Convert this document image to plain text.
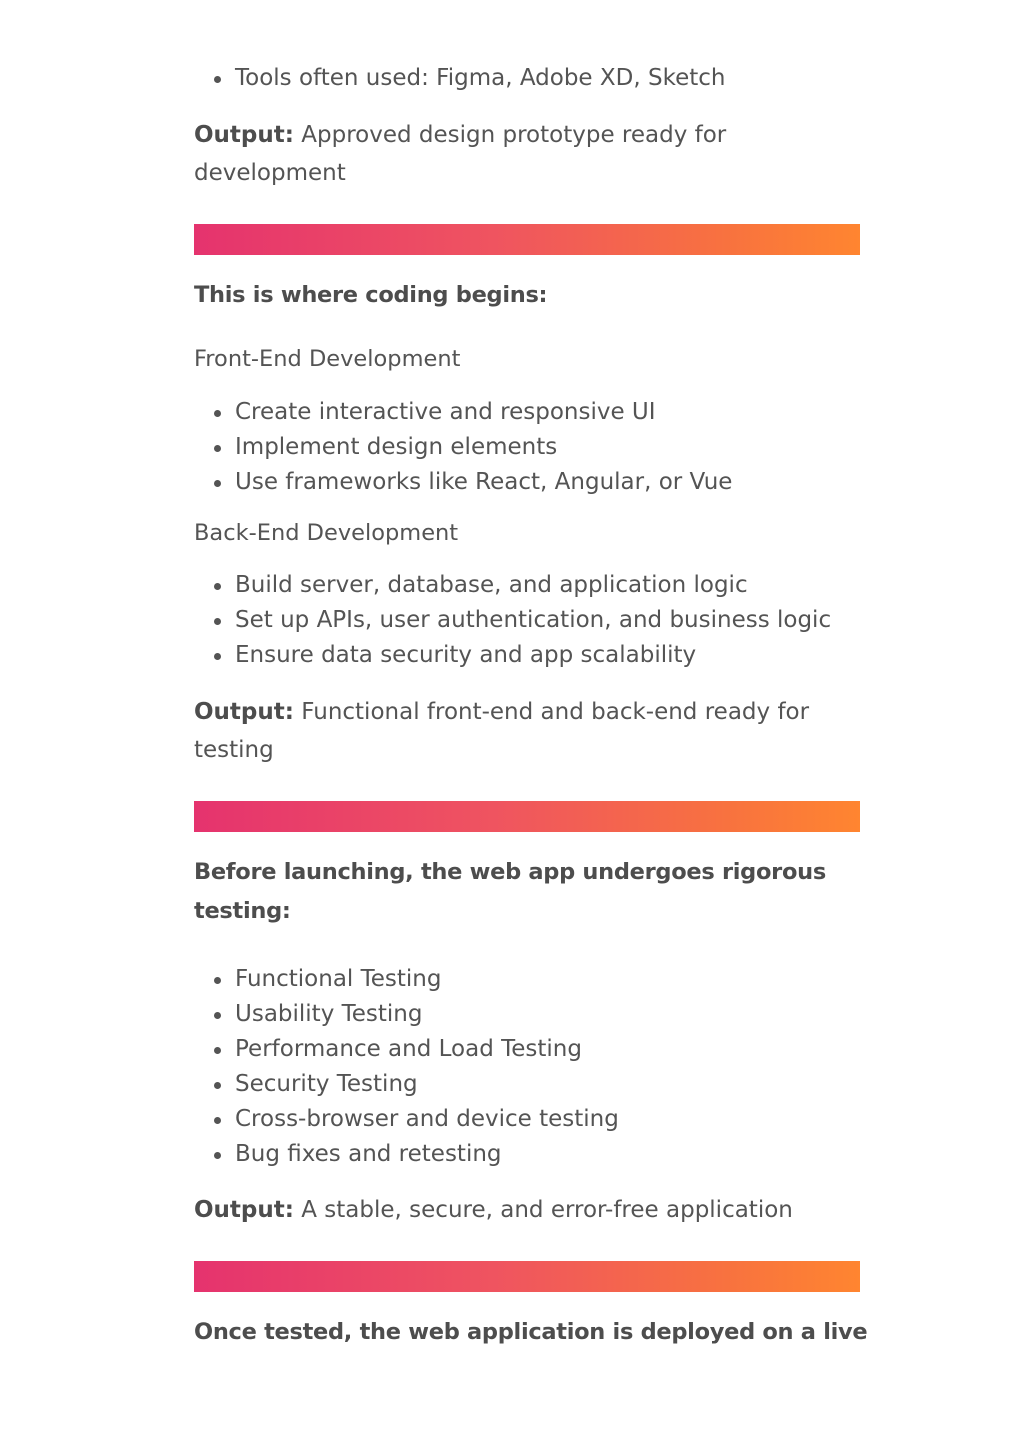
Tools often used: Figma, Adobe XD, Sketch

Output: Approved design prototype ready for development

This is where coding begins:

Front-End Development
Create interactive and responsive UI
Implement design elements
Use frameworks like React, Angular, or Vue
Back-End Development
Build server, database, and application logic
Set up APIs, user authentication, and business logic
Ensure data security and app scalability

Output: Functional front-end and back-end ready for testing

Before launching, the web app undergoes rigorous testing:

Functional Testing
Usability Testing
Performance and Load Testing
Security Testing
Cross-browser and device testing
Bug fixes and retesting

Output: A stable, secure, and error-free application

Once tested, the web application is deployed on a live
